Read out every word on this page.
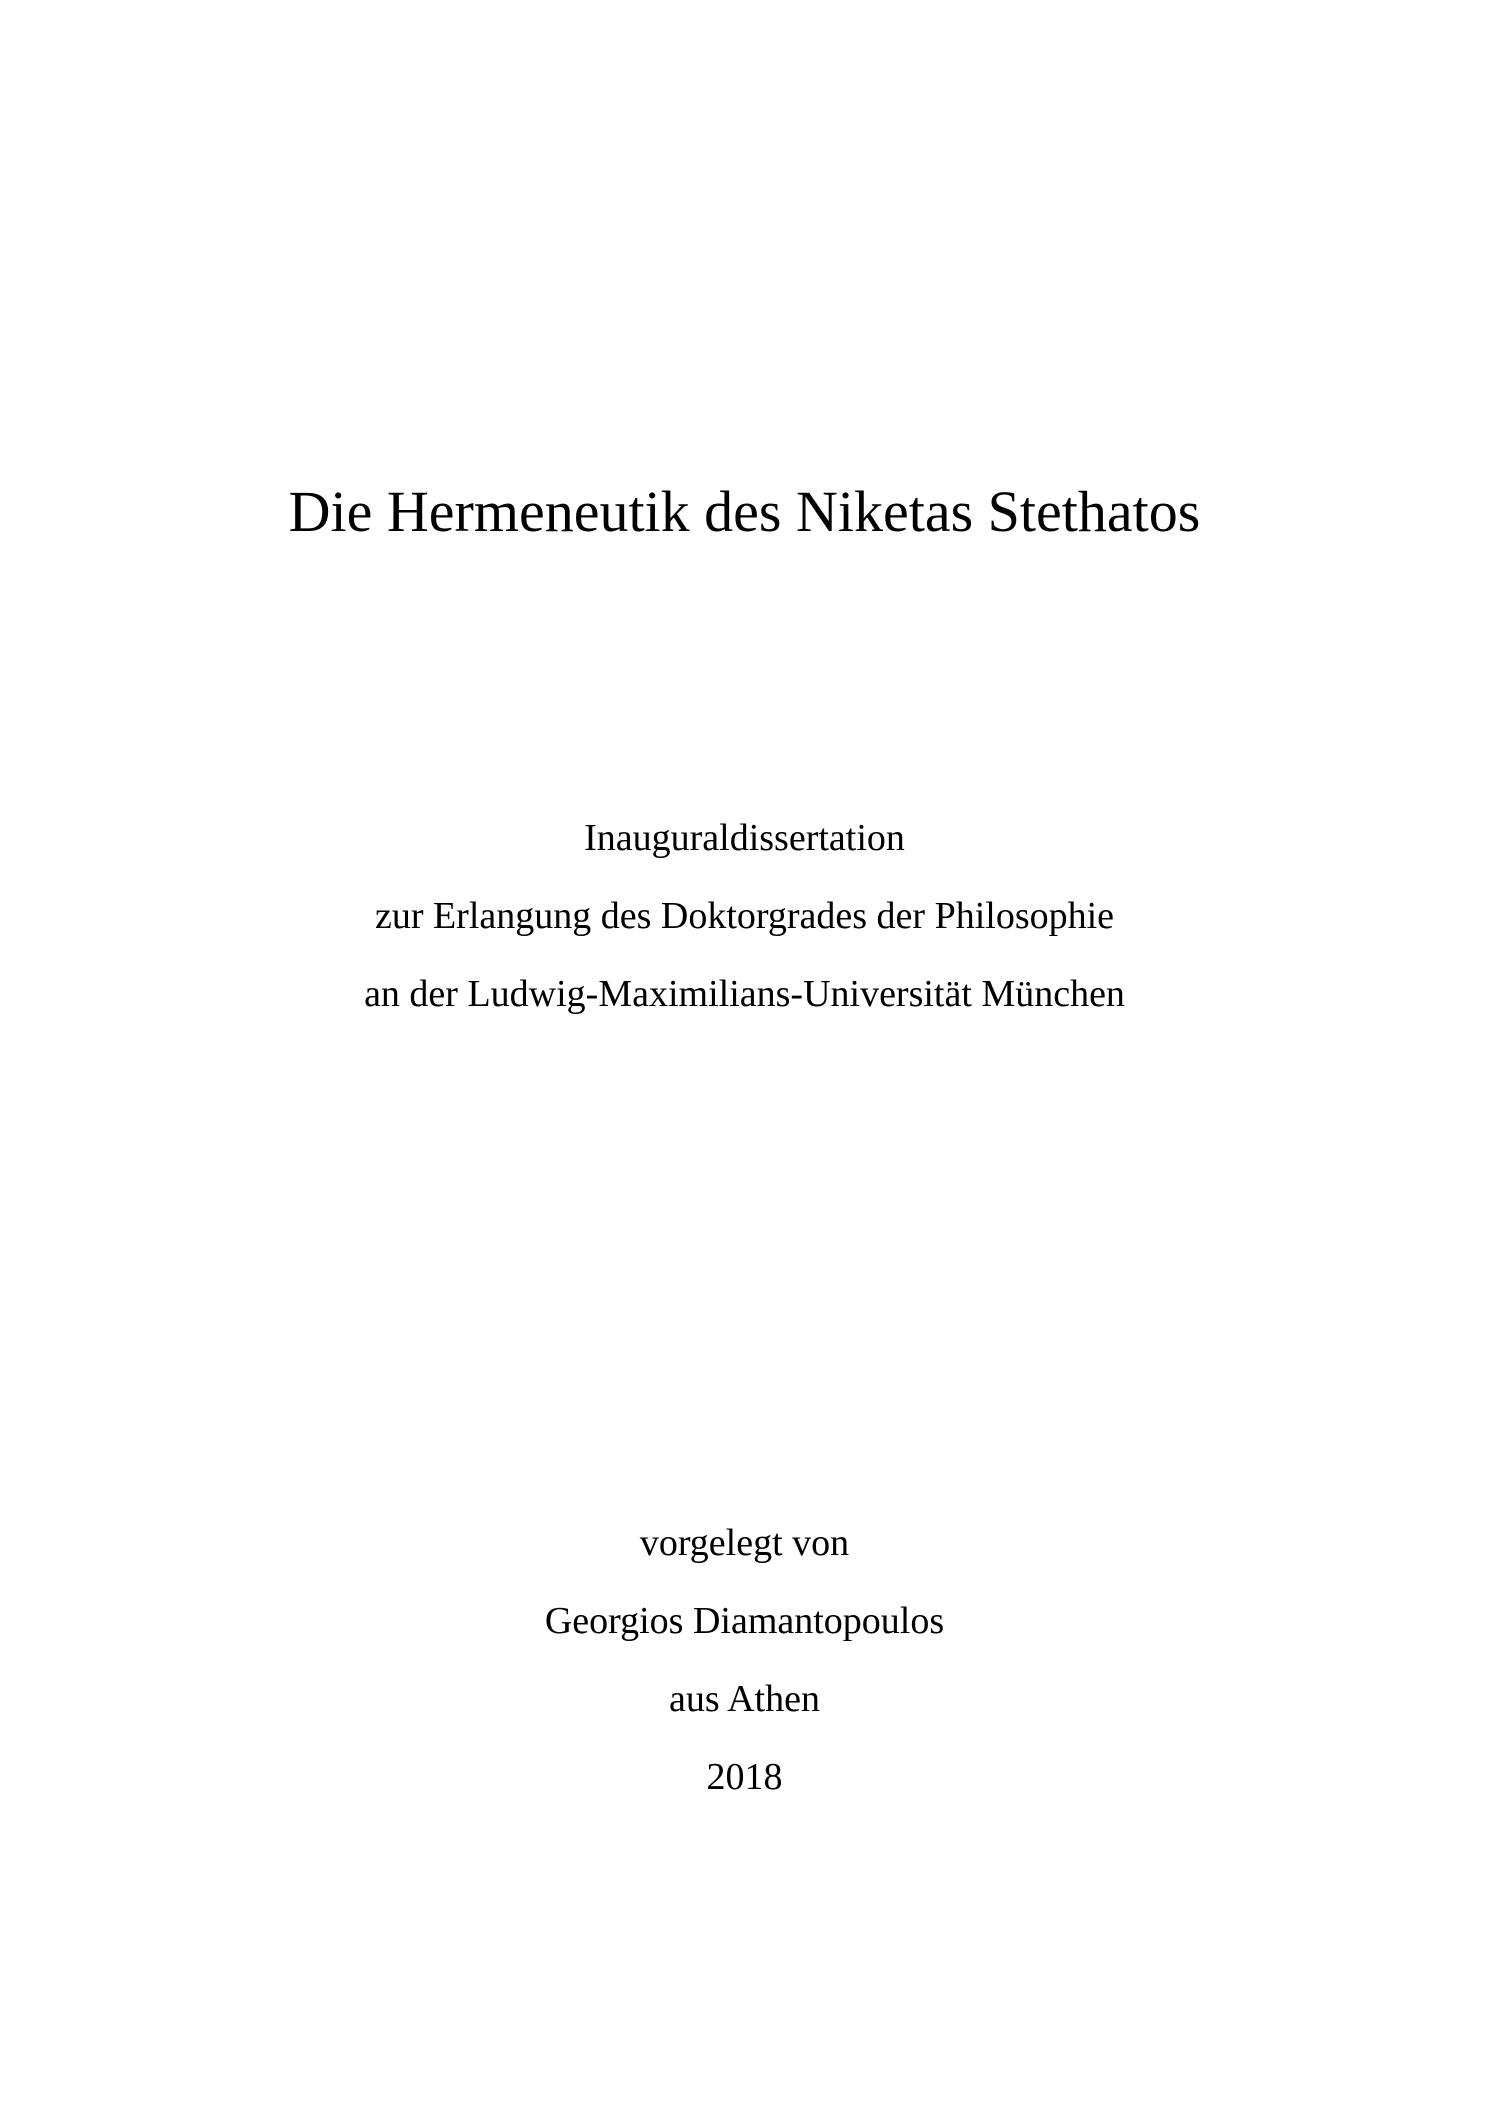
Die Hermeneutik des Niketas Stethatos
Inauguraldissertation
zur Erlangung des Doktorgrades der Philosophie
an der Ludwig-Maximilians-Universität München
vorgelegt von
Georgios Diamantopoulos
aus Athen
2018
